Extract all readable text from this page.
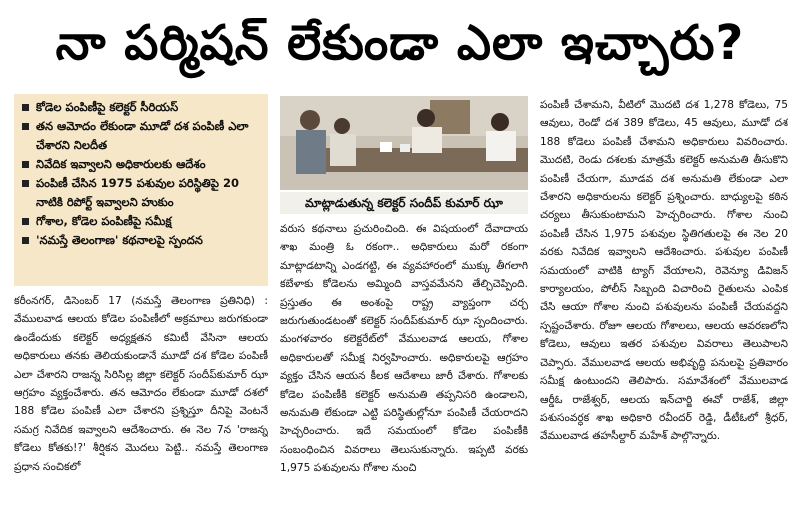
నా పర్మిషన్ లేకుండా ఎలా ఇచ్చారు?
కోడెల పంపిణీపై కలెక్టర్ సీరియస్
తన ఆమోదం లేకుండా మూడో దశ పంపిణీ ఎలా చేశారని నిలదీత
నివేదిక ఇవ్వాలని అధికారులకు ఆదేశం
పంపిణీ చేసిన 1975 పశువుల పరిస్థితిపై 20 నాటికి రిపోర్ట్ ఇవ్వాలని హుకుం
గోశాల, కోడెల పంపిణీపై సమీక్ష
'నమస్తే తెలంగాణ' కథనాలపై స్పందన
మాట్లాడుతున్న కలెక్టర్ సందీప్ కుమార్ ఝా

కరీంనగర్, డిసెంబర్ 17 (నమస్తే తెలంగాణ ప్రతినిధి) : వేములవాడ ఆలయ కోడెల పంపిణీలో అక్రమాలు జరుగకుండా ఉండేందుకు కలెక్టర్ అధ్యక్షతన కమిటీ వేసినా ఆలయ అధికారులు తనకు తెలియకుండానే మూడో దశ కోడెల పంపిణీ ఎలా చేశారని రాజన్న సిరిసిల్ల జిల్లా కలెక్టర్ సందీప్‌కుమార్ ఝా ఆగ్రహం వ్యక్తంచేశారు. తన ఆమోదం లేకుండా మూడో దశలో 188 కోడెల పంపిణీ ఎలా చేశారని ప్రశ్నిస్తూ దీనిపై వెంటనే సమగ్ర నివేదిక ఇవ్వాలని ఆదేశించారు. ఈ నెల 7న 'రాజన్న కోడెలు కోతకు!?' శీర్షికన మొదలు పెట్టి.. నమస్తే తెలంగాణ ప్రధాన సంచికలో

వరుస కథనాలు ప్రచురించింది. ఈ విషయంలో దేవాదాయ శాఖ మంత్రి ఓ రకంగా.. అధికారులు మరో రకంగా మాట్లాడటాన్ని ఎండగట్టి, ఈ వ్యవహారంలో ముక్కు తీగలాగి కబేళాకు కోడెలను అమ్మింది వాస్తవమేనని తేల్చిచెప్పింది. ప్రస్తుతం ఈ అంశంపై రాష్ట్ర వ్యాప్తంగా చర్చ జరుగుతుండటంతో కలెక్టర్ సందీప్‌కుమార్ ఝా స్పందించారు. మంగళవారం కలెక్టరేట్‌లో వేములవాడ ఆలయ, గోశాల అధికారులతో సమీక్ష నిర్వహించారు. అధికారులపై ఆగ్రహం వ్యక్తం చేసిన ఆయన కీలక ఆదేశాలు జారీ చేశారు. గోశాలకు కోడెల పంపిణీకి కలెక్టర్ అనుమతి తప్పనిసరి ఉండాలని, అనుమతి లేకుండా ఎట్టి పరిస్థితుల్లోనూ పంపిణీ చేయరాదని హెచ్చరించారు. ఇదే సమయంలో కోడెల పంపిణీకి సంబంధించిన వివరాలు తెలుసుకున్నారు. ఇప్పటి వరకు 1,975 పశువులను గోశాల నుంచి

పంపిణీ చేశామని, వీటిలో మొదటి దశ 1,278 కోడెలు, 75 ఆవులు, రెండో దశ 389 కోడెలు, 45 ఆవులు, మూడో దశ 188 కోడెలు పంపిణీ చేశామని అధికారులు వివరించారు. మొదటి, రెండు దశలకు మాత్రమే కలెక్టర్ అనుమతి తీసుకొని పంపిణీ చేయగా, మూడవ దశ అనుమతి లేకుండా ఎలా చేశారని అధికారులను కలెక్టర్ ప్రశ్నించారు. బాధ్యులపై కఠిన చర్యలు తీసుకుంటామని హెచ్చరించారు. గోశాల నుంచి పంపిణీ చేసిన 1,975 పశువుల స్థితిగతులపై ఈ నెల 20 వరకు నివేదిక ఇవ్వాలని ఆదేశించారు. పశువుల పంపిణీ సమయంలో వాటికి ట్యాగ్ వేయాలని, రెవెన్యూ డివిజన్ కార్యాలయం, పోలీస్ సిబ్బంది విచారించి రైతులను ఎంపిక చేసి ఆయా గోశాల నుంచి పశువులను పంపిణీ చేయవద్దని స్పష్టంచేశారు. రోజూ ఆలయ గోశాలలు, ఆలయ ఆవరణలోని కోడెలు, ఆవులు ఇతర పశువుల వివరాలు తెలుపాలని చెప్పారు. వేములవాడ ఆలయ అభివృద్ధి పనులపై ప్రతివారం సమీక్ష ఉంటుందని తెలిపారు. సమావేశంలో వేములవాడ ఆర్డీఓ రాజేశ్వర్, ఆలయ ఇన్‌చార్జి ఈవో రాజేశ్, జిల్లా పశుసంవర్ధక శాఖ అధికారి రవీందర్ రెడ్డి, డీటీఓలో శ్రీధర్, వేములవాడ తహసీల్దార్ మహేశ్ పాల్గొన్నారు.
